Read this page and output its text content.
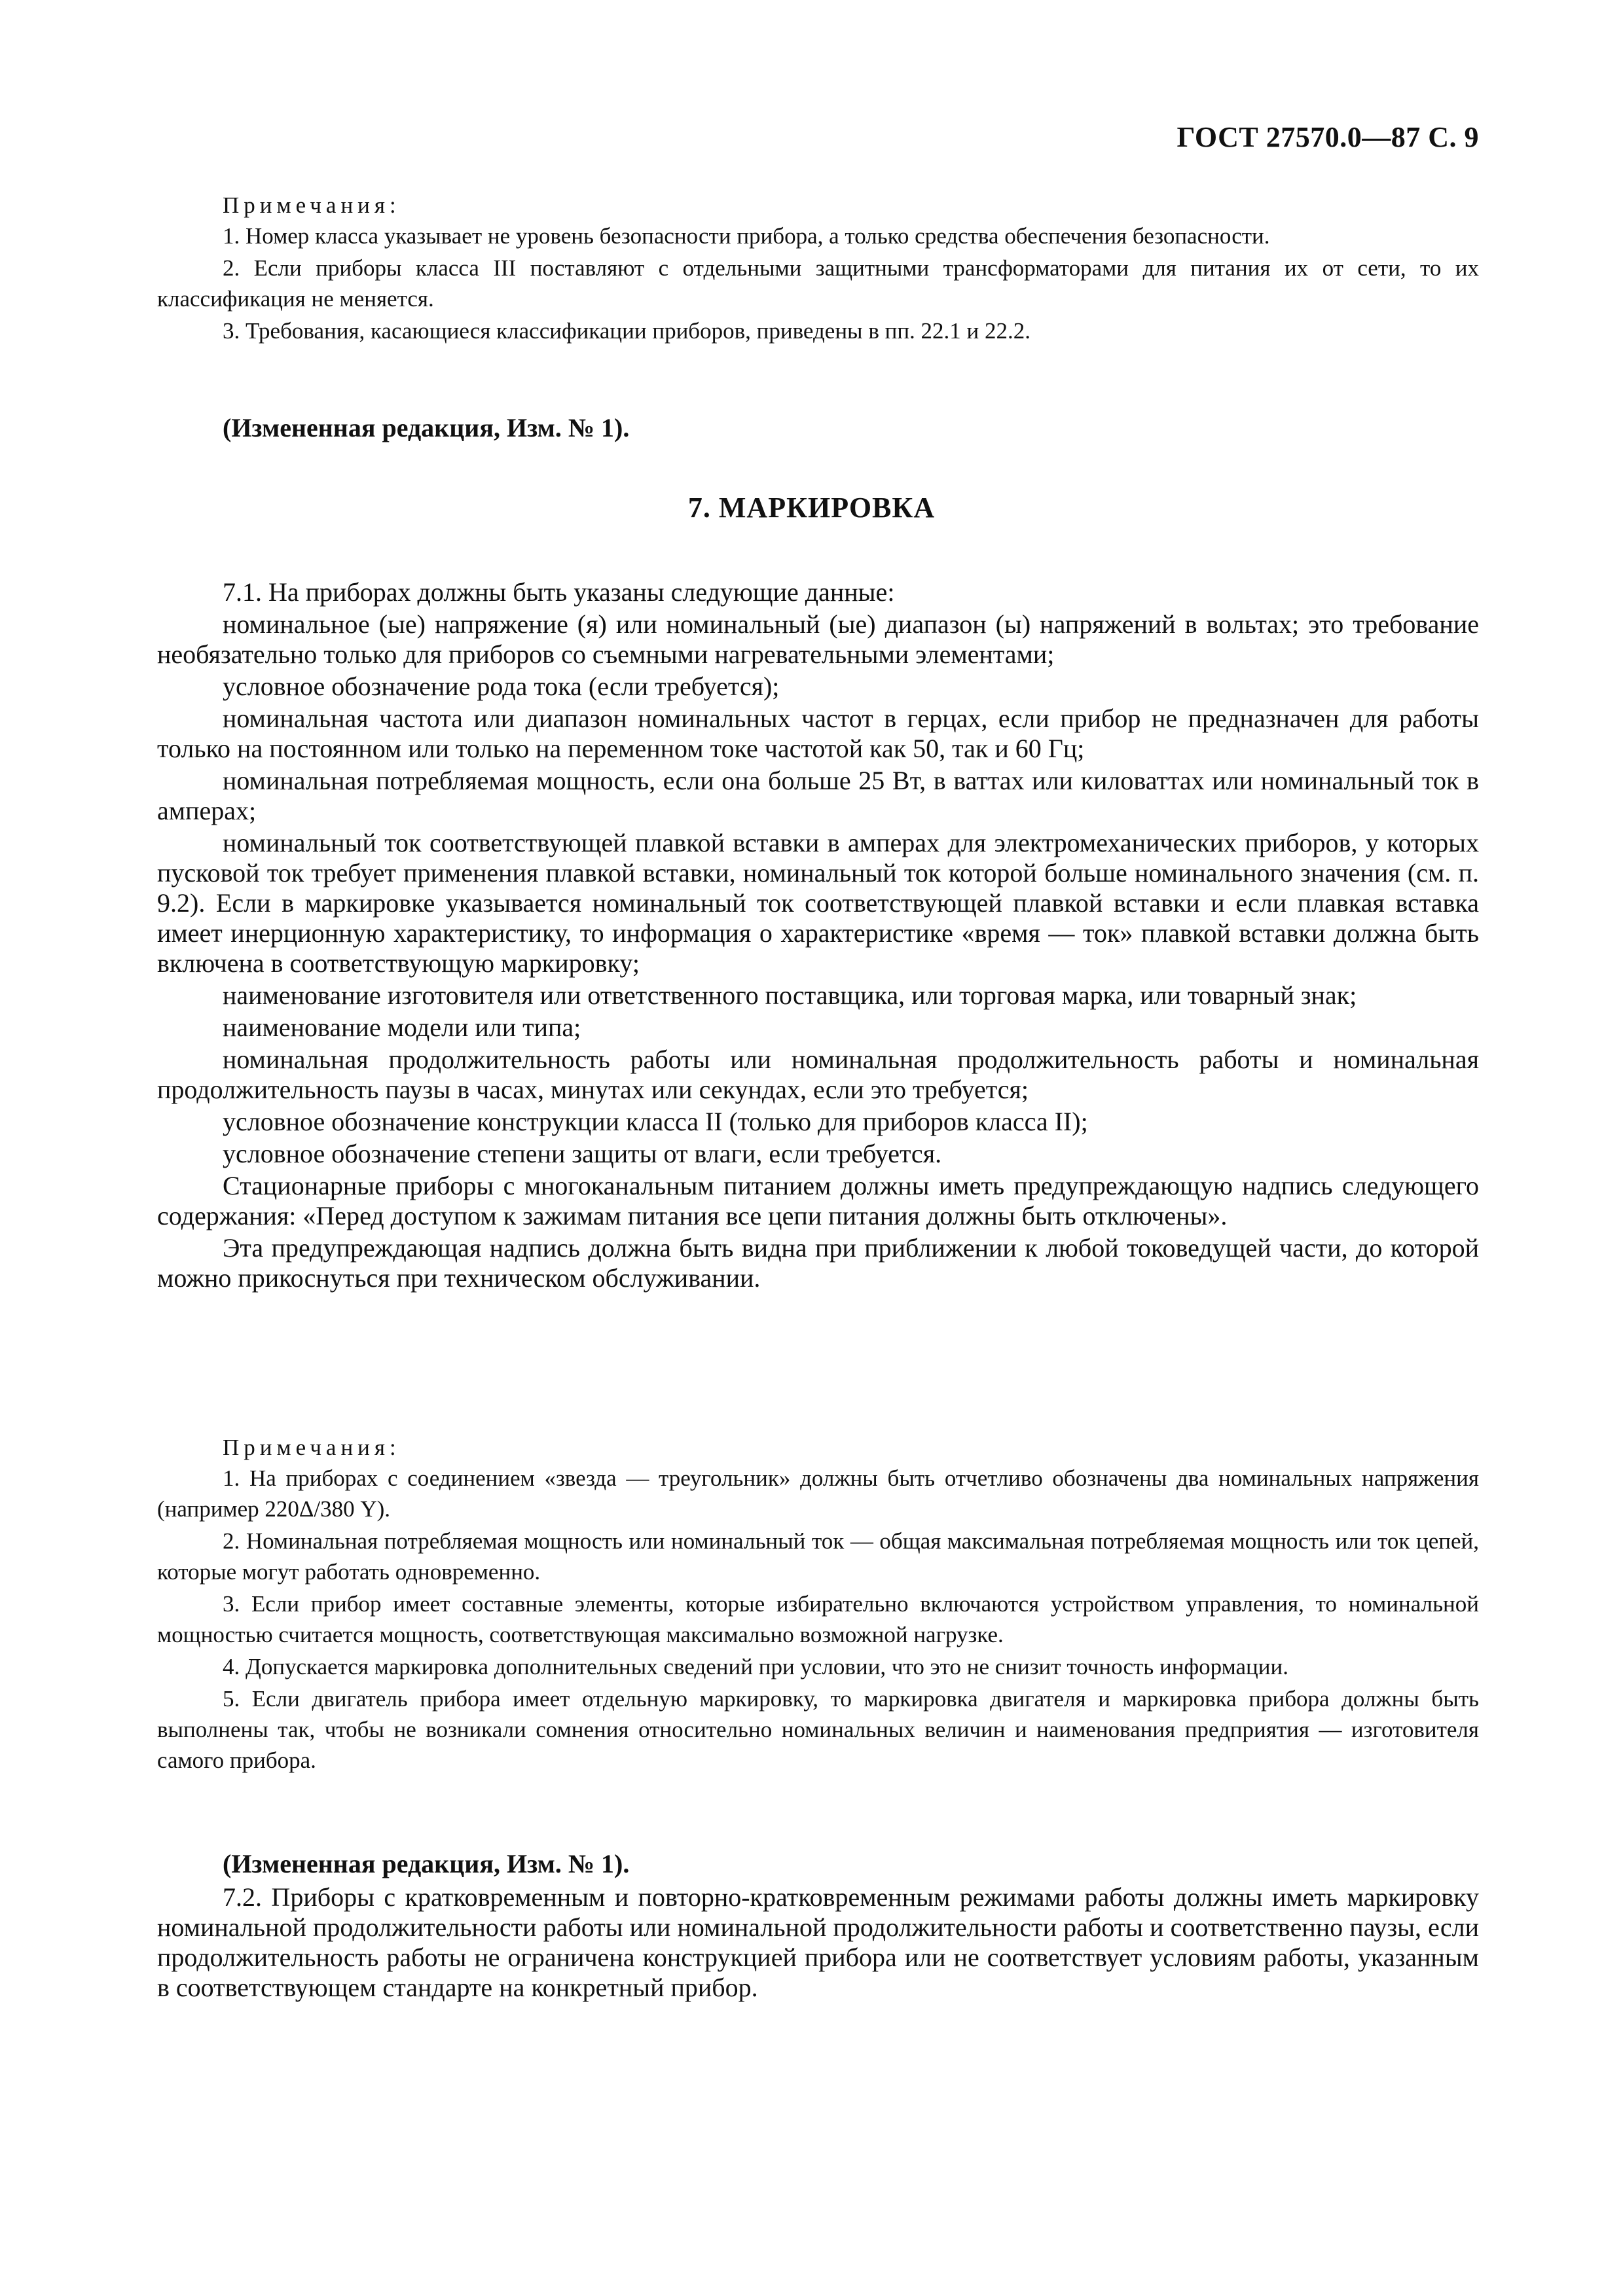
ГОСТ 27570.0—87 С. 9

Примечания:

1. Номер класса указывает не уровень безопасности прибора, а только средства обеспечения безопасности.

2. Если приборы класса III поставляют с отдельными защитными трансформаторами для питания их от сети, то их классификация не меняется.

3. Требования, касающиеся классификации приборов, приведены в пп. 22.1 и 22.2.

(Измененная редакция, Изм. № 1).

7. МАРКИРОВКА

7.1. На приборах должны быть указаны следующие данные:

номинальное (ые) напряжение (я) или номинальный (ые) диапазон (ы) напряжений в вольтах; это требование необязательно только для приборов со съемными нагревательными элементами;

условное обозначение рода тока (если требуется);

номинальная частота или диапазон номинальных частот в герцах, если прибор не предназначен для работы только на постоянном или только на переменном токе частотой как 50, так и 60 Гц;

номинальная потребляемая мощность, если она больше 25 Вт, в ваттах или киловаттах или номинальный ток в амперах;

номинальный ток соответствующей плавкой вставки в амперах для электромеханических приборов, у которых пусковой ток требует применения плавкой вставки, номинальный ток которой больше номинального значения (см. п. 9.2). Если в маркировке указывается номинальный ток соответствующей плавкой вставки и если плавкая вставка имеет инерционную характеристику, то информация о характеристике «время — ток» плавкой вставки должна быть включена в соответствующую маркировку;

наименование изготовителя или ответственного поставщика, или торговая марка, или товарный знак;

наименование модели или типа;

номинальная продолжительность работы или номинальная продолжительность работы и номинальная продолжительность паузы в часах, минутах или секундах, если это требуется;

условное обозначение конструкции класса II (только для приборов класса II);

условное обозначение степени защиты от влаги, если требуется.

Стационарные приборы с многоканальным питанием должны иметь предупреждающую надпись следующего содержания: «Перед доступом к зажимам питания все цепи питания должны быть отключены».

Эта предупреждающая надпись должна быть видна при приближении к любой токоведущей части, до которой можно прикоснуться при техническом обслуживании.

Примечания:

1. На приборах с соединением «звезда — треугольник» должны быть отчетливо обозначены два номинальных напряжения (например 220Δ/380 Y).

2. Номинальная потребляемая мощность или номинальный ток — общая максимальная потребляемая мощность или ток цепей, которые могут работать одновременно.

3. Если прибор имеет составные элементы, которые избирательно включаются устройством управления, то номинальной мощностью считается мощность, соответствующая максимально возможной нагрузке.

4. Допускается маркировка дополнительных сведений при условии, что это не снизит точность информации.

5. Если двигатель прибора имеет отдельную маркировку, то маркировка двигателя и маркировка прибора должны быть выполнены так, чтобы не возникали сомнения относительно номинальных величин и наименования предприятия — изготовителя самого прибора.

(Измененная редакция, Изм. № 1).

7.2. Приборы с кратковременным и повторно-кратковременным режимами работы должны иметь маркировку номинальной продолжительности работы или номинальной продолжительности работы и соответственно паузы, если продолжительность работы не ограничена конструкцией прибора или не соответствует условиям работы, указанным в соответствующем стандарте на конкретный прибор.
